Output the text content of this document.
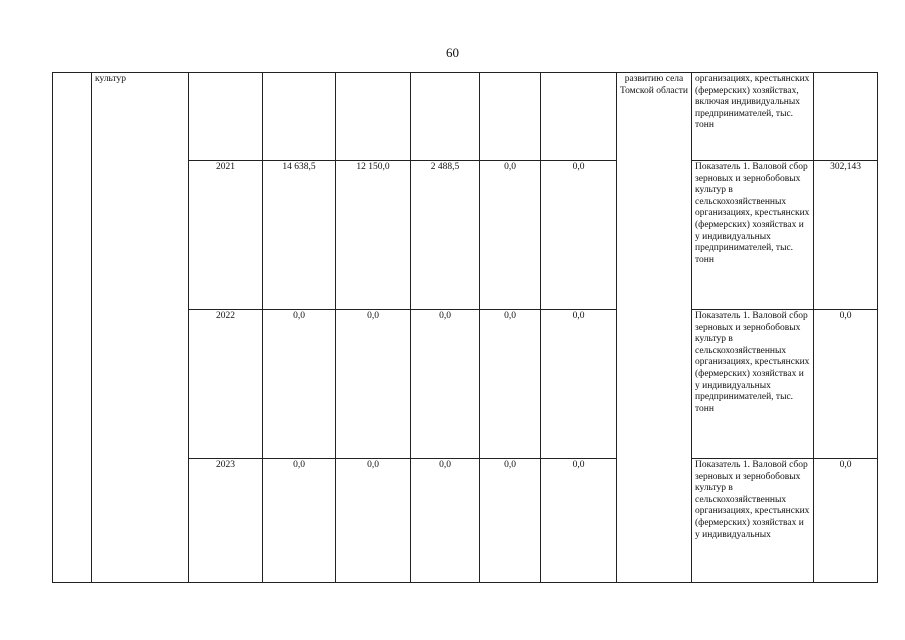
60
	культур							развитию села Томской области	организациях, крестьянских (фермерских) хозяйствах, включая индивидуальных предпринимателей, тыс. тонн	
		2021	14 638,5	12 150,0	2 488,5	0,0	0,0		Показатель 1. Валовой сбор зерновых и зернобобовых культур в сельскохозяйственных организациях, крестьянских (фермерских) хозяйствах и у индивидуальных предпринимателей, тыс. тонн	302,143
		2022	0,0	0,0	0,0	0,0	0,0		Показатель 1. Валовой сбор зерновых и зернобобовых культур в сельскохозяйственных организациях, крестьянских (фермерских) хозяйствах и у индивидуальных предпринимателей, тыс. тонн	0,0
		2023	0,0	0,0	0,0	0,0	0,0		Показатель 1. Валовой сбор зерновых и зернобобовых культур в сельскохозяйственных организациях, крестьянских (фермерских) хозяйствах и у индивидуальных	0,0
